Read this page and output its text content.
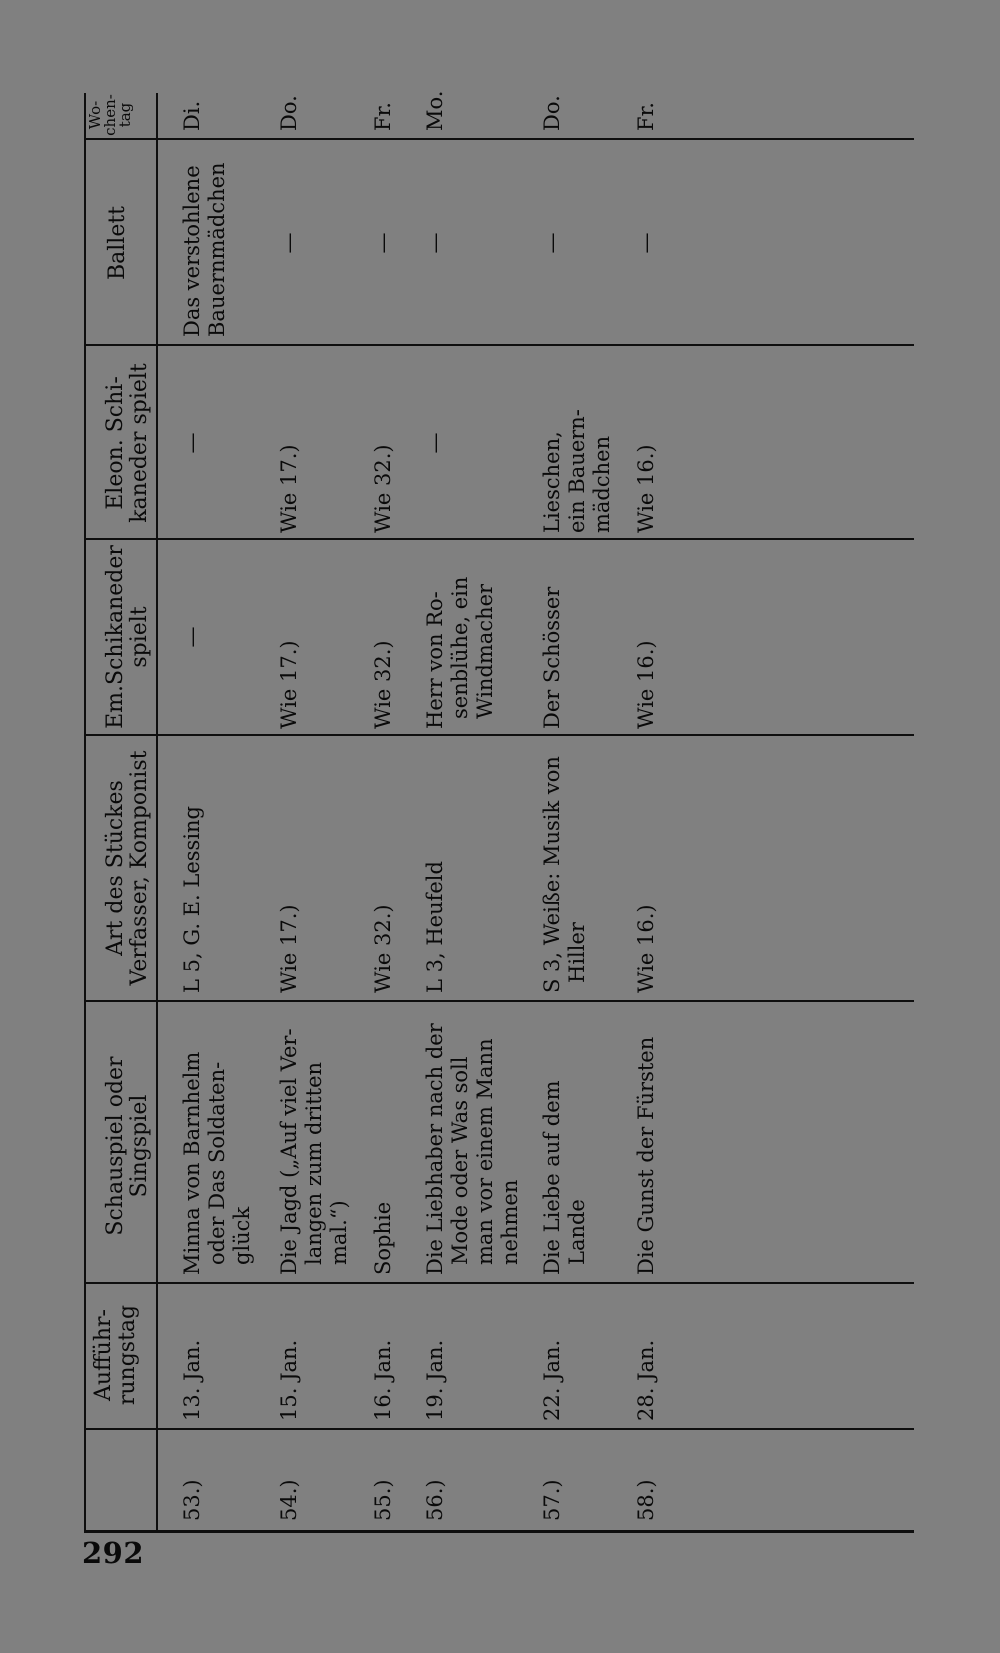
292
Aufführ- rungstag
Schauspiel oder Singspiel
Art des Stückes Verfasser, Komponist
Em.Schikaneder spielt
Eleon. Schi- kaneder spielt
Ballett
Wo-
chen-
tag
53.)
13. Jan.
Minna von Barnhelm oder Das Soldaten- glück
L 5, G. E. Lessing
—
—
Das verstohlene Bauernmädchen
Di.
54.)
15. Jan.
Die Jagd („Auf viel Ver- langen zum dritten mal.“)
Wie 17.)
Wie 17.)
Wie 17.)
—
Do.
55.)
16. Jan.
Sophie
Wie 32.)
Wie 32.)
Wie 32.)
—
Fr.
56.)
19. Jan.
Die Liebhaber nach der Mode oder Was soll man vor einem Mann nehmen
L 3, Heufeld
Herr von Ro- senblühe, ein Windmacher
—
—
Mo.
57.)
22. Jan.
Die Liebe auf dem Lande
S 3, Weiße: Musik von Hiller
Der Schösser
Lieschen, ein Bauern- mädchen
—
Do.
58.)
28. Jan.
Die Gunst der Fürsten
Wie 16.)
Wie 16.)
Wie 16.)
—
Fr.
